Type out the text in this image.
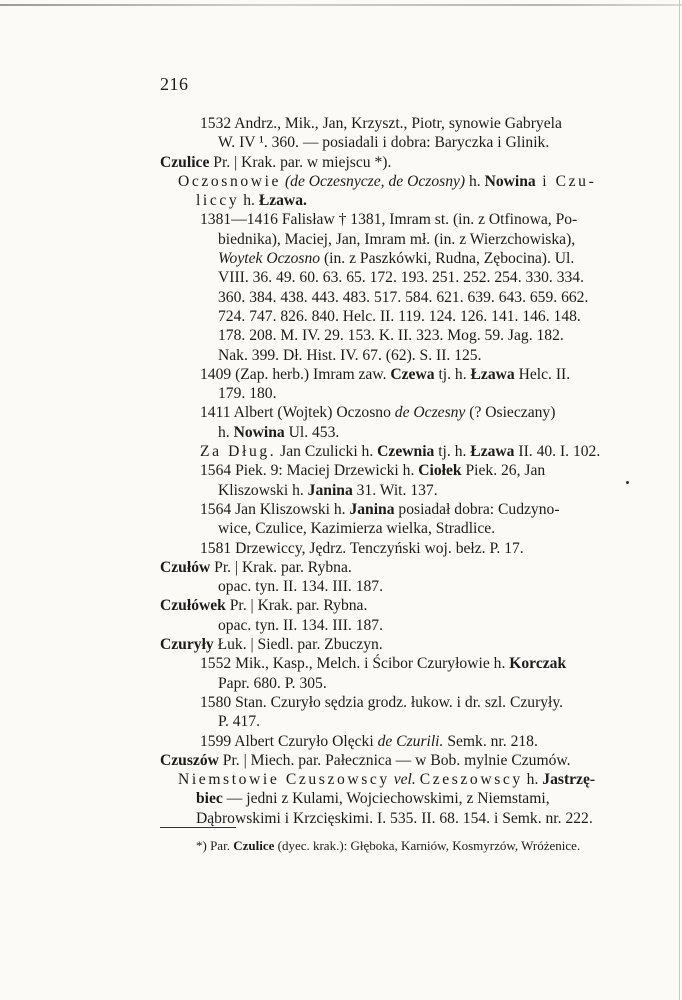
216
1532 Andrz., Mik., Jan, Krzyszt., Piotr, synowie Gabryela
W. IV ¹. 360. — posiadali i dobra: Baryczka i Glinik.
Czulice Pr. | Krak. par. w miejscu *).
Oczosnowie (de Oczesnycze, de Oczosny) h. Nowina i Czu-
liccy h. Łzawa.
1381—1416 Falisław † 1381, Imram st. (in. z Otfinowa, Po-
biednika), Maciej, Jan, Imram mł. (in. z Wierzchowiska),
Woytek Oczosno (in. z Paszkówki, Rudna, Zębocina). Ul.
VIII. 36. 49. 60. 63. 65. 172. 193. 251. 252. 254. 330. 334.
360. 384. 438. 443. 483. 517. 584. 621. 639. 643. 659. 662.
724. 747. 826. 840. Helc. II. 119. 124. 126. 141. 146. 148.
178. 208. M. IV. 29. 153. K. II. 323. Mog. 59. Jag. 182.
Nak. 399. Dł. Hist. IV. 67. (62). S. II. 125.
1409 (Zap. herb.) Imram zaw. Czewa tj. h. Łzawa Helc. II.
179. 180.
1411 Albert (Wojtek) Oczosno de Oczesny (? Osieczany)
h. Nowina Ul. 453.
Za Dług. Jan Czulicki h. Czewnia tj. h. Łzawa II. 40. I. 102.
1564 Piek. 9: Maciej Drzewicki h. Ciołek Piek. 26, Jan
Kliszowski h. Janina 31. Wit. 137.
1564 Jan Kliszowski h. Janina posiadał dobra: Cudzyno-
wice, Czulice, Kazimierza wielka, Stradlice.
1581 Drzewiccy, Jędrz. Tenczyński woj. bełz. P. 17.
Czułów Pr. | Krak. par. Rybna.
opac. tyn. II. 134. III. 187.
Czułówek Pr. | Krak. par. Rybna.
opac. tyn. II. 134. III. 187.
Czuryły Łuk. | Siedl. par. Zbuczyn.
1552 Mik., Kasp., Melch. i Ścibor Czuryłowie h. Korczak
Papr. 680. P. 305.
1580 Stan. Czuryło sędzia grodz. łukow. i dr. szl. Czuryły.
P. 417.
1599 Albert Czuryło Olęcki de Czurili. Semk. nr. 218.
Czuszów Pr. | Miech. par. Pałecznica — w Bob. mylnie Czumów.
Niemstowie Czuszowscy vel. Czeszowscy h. Jastrzę-
biec — jedni z Kulami, Wojciechowskimi, z Niemstami,
Dąbrowskimi i Krzcięskimi. I. 535. II. 68. 154. i Semk. nr. 222.
*) Par. Czulice (dyec. krak.): Głęboka, Karniów, Kosmyrzów, Wróżenice.
